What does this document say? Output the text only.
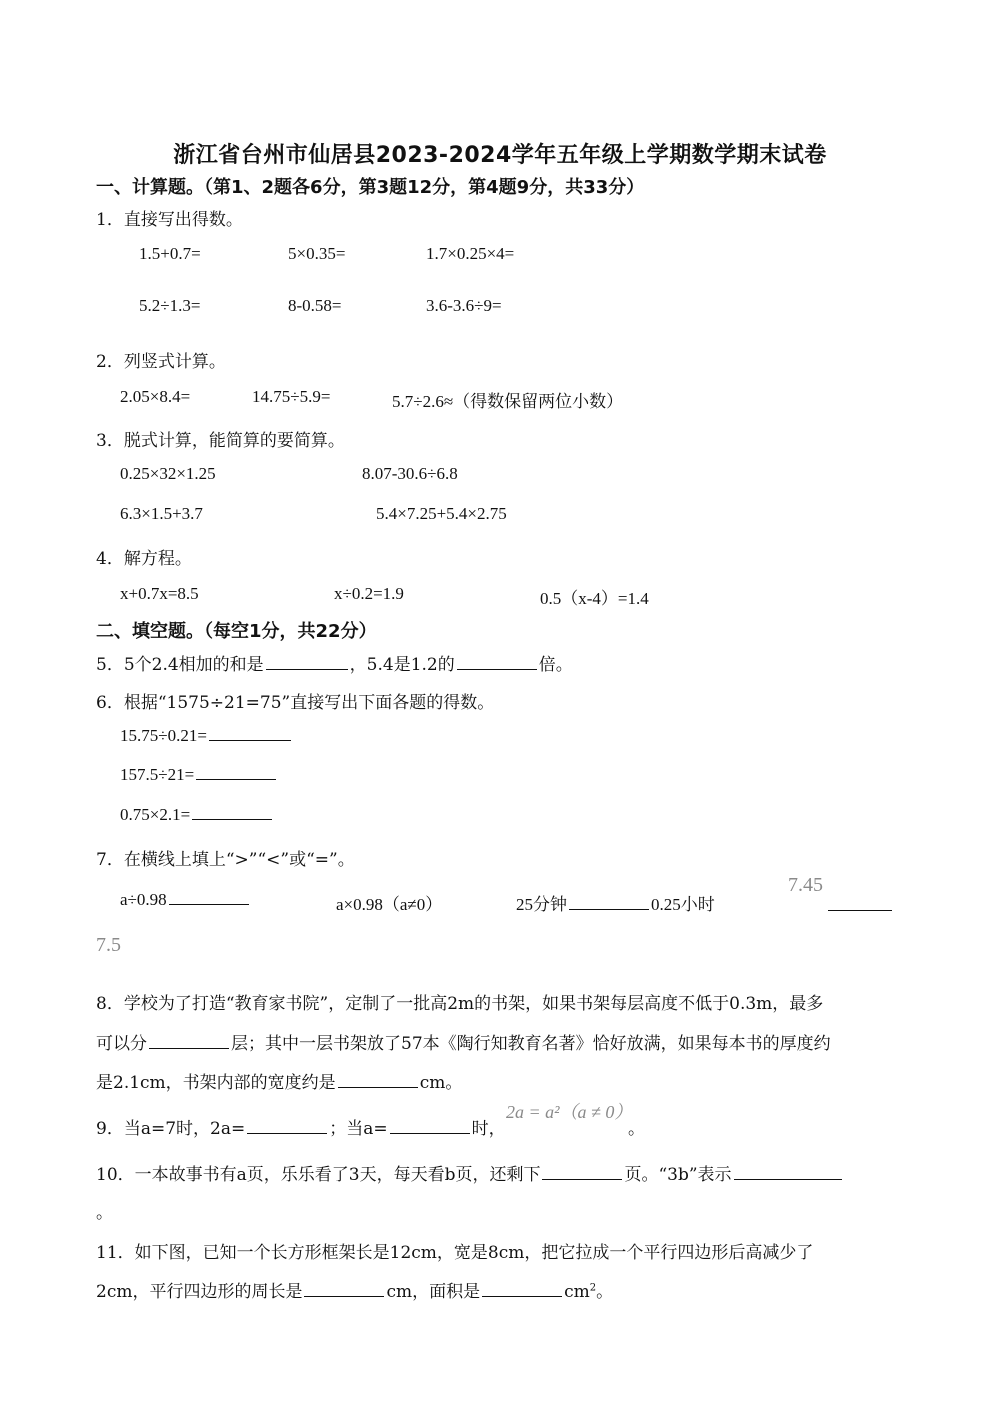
浙江省台州市仙居县2023-2024学年五年级上学期数学期末试卷
一、计算题。（第1、2题各6分，第3题12分，第4题9分，共33分）
1．直接写出得数。
1.5+0.7=	5×0.35=	1.7×0.25×4=
5.2÷1.3=	8-0.58=	3.6-3.6÷9=
2．列竖式计算。
2.05×8.4=	14.75÷5.9=	5.7÷2.6≈（得数保留两位小数）
3．脱式计算，能简算的要简算。
0.25×32×1.25	8.07-30.6÷6.8
6.3×1.5+3.7	5.4×7.25+5.4×2.75
4．解方程。
x+0.7x=8.5	x÷0.2=1.9	0.5（x-4）=1.4
二、填空题。（每空1分，共22分）
5．5个2.4相加的和是	，5.4是1.2的	倍。
6．根据“1575÷21=75”直接写出下面各题的得数。
15.75÷0.21=
157.5÷21=
0.75×2.1=
7．在横线上填上“>”“<”或“=”。
a÷0.98	a×0.98（a≠0）	25分钟	0.25小时
7.45
7.5
8．学校为了打造“教育家书院”，定制了一批高2m的书架，如果书架每层高度不低于0.3m，最多
可以分	层；其中一层书架放了57本《陶行知教育名著》恰好放满，如果每本书的厚度约
是2.1cm，书架内部的宽度约是	cm。
9．当a=7时，2a=	；当a=	时，
2a = a²（a ≠ 0）
。
10．一本故事书有a页，乐乐看了3天，每天看b页，还剩下	页。“3b”表示
。
11．如下图，已知一个长方形框架长是12cm，宽是8cm，把它拉成一个平行四边形后高减少了
2cm，平行四边形的周长是	cm，面积是	$cm^2$。
